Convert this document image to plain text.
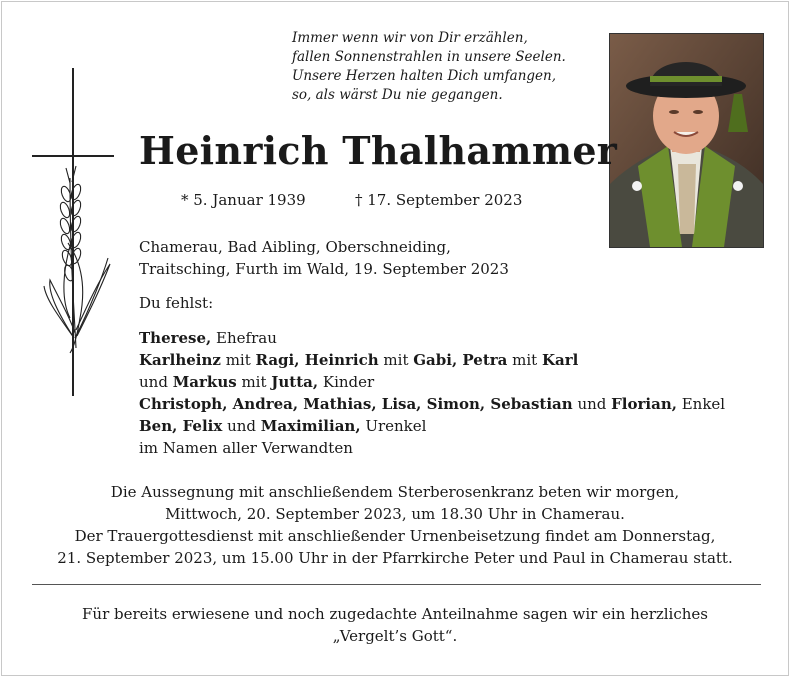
Immer wenn wir von Dir erzählen,
fallen Sonnenstrahlen in unsere Seelen.
Unsere Herzen halten Dich umfangen,
so, als wärst Du nie gegangen.
Heinrich Thalhammer
* 5. Januar 1939	† 17. September 2023
Chamerau, Bad Aibling, Oberschneiding,
Traitsching, Furth im Wald, 19. September 2023
Du fehlst:
Therese, Ehefrau
Karlheinz mit Ragi, Heinrich mit Gabi, Petra mit Karl
und Markus mit Jutta, Kinder
Christoph, Andrea, Mathias, Lisa, Simon, Sebastian und Florian, Enkel
Ben, Felix und Maximilian, Urenkel
im Namen aller Verwandten
Die Aussegnung mit anschließendem Sterberosenkranz beten wir morgen,
Mittwoch, 20. September 2023, um 18.30 Uhr in Chamerau.
Der Trauergottesdienst mit anschließender Urnenbeisetzung findet am Donnerstag,
21. September 2023, um 15.00 Uhr in der Pfarrkirche Peter und Paul in Chamerau statt.
Für bereits erwiesene und noch zugedachte Anteilnahme sagen wir ein herzliches
„Vergelt’s Gott“.
